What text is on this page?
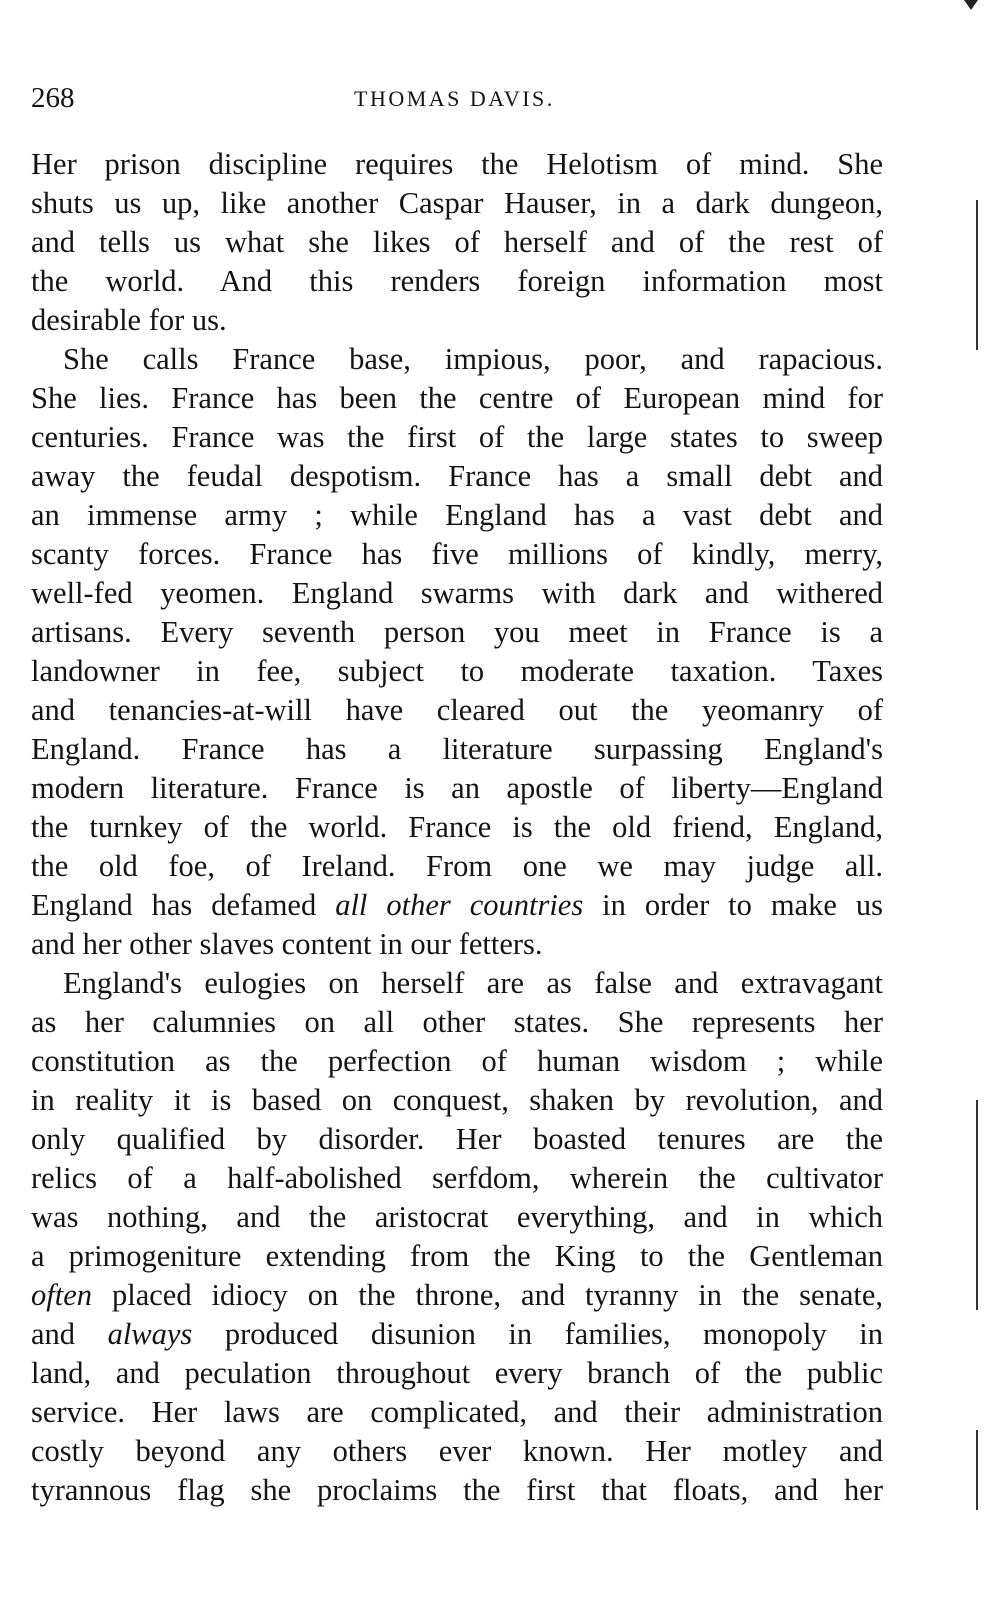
268	THOMAS DAVIS.
Her prison discipline requires the Helotism of mind. She
shuts us up, like another Caspar Hauser, in a dark dungeon,
and tells us what she likes of herself and of the rest of
the world. And this renders foreign information most
desirable for us.
She calls France base, impious, poor, and rapacious.
She lies. France has been the centre of European mind for
centuries. France was the first of the large states to sweep
away the feudal despotism. France has a small debt and
an immense army ; while England has a vast debt and
scanty forces. France has five millions of kindly, merry,
well-fed yeomen. England swarms with dark and withered
artisans. Every seventh person you meet in France is a
landowner in fee, subject to moderate taxation. Taxes
and tenancies-at-will have cleared out the yeomanry of
England. France has a literature surpassing England's
modern literature. France is an apostle of liberty—England
the turnkey of the world. France is the old friend, England,
the old foe, of Ireland. From one we may judge all.
England has defamed all other countries in order to make us
and her other slaves content in our fetters.
England's eulogies on herself are as false and extravagant
as her calumnies on all other states. She represents her
constitution as the perfection of human wisdom ; while
in reality it is based on conquest, shaken by revolution, and
only qualified by disorder. Her boasted tenures are the
relics of a half-abolished serfdom, wherein the cultivator
was nothing, and the aristocrat everything, and in which
a primogeniture extending from the King to the Gentleman
often placed idiocy on the throne, and tyranny in the senate,
and always produced disunion in families, monopoly in
land, and peculation throughout every branch of the public
service. Her laws are complicated, and their administration
costly beyond any others ever known. Her motley and
tyrannous flag she proclaims the first that floats, and her
